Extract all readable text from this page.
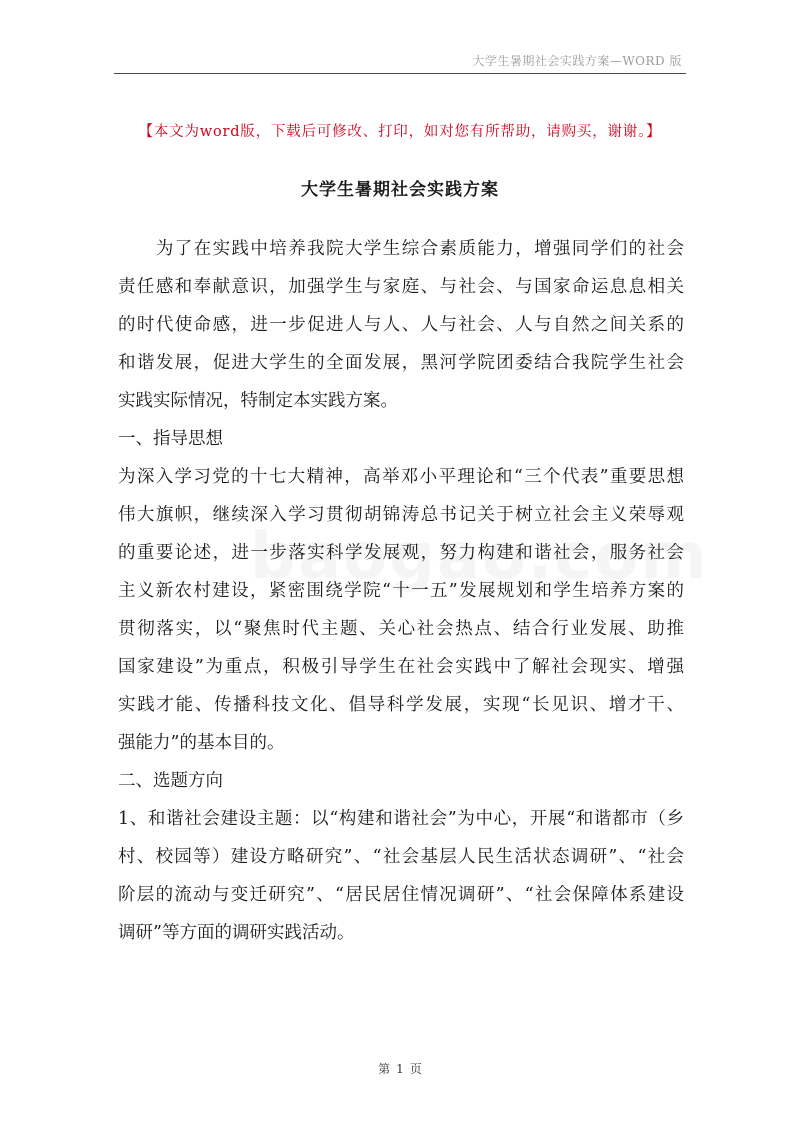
大学生暑期社会实践方案—WORD 版
【本文为word版，下载后可修改、打印，如对您有所帮助，请购买，谢谢。】
大学生暑期社会实践方案
　　为了在实践中培养我院大学生综合素质能力，增强同学们的社会
责任感和奉献意识，加强学生与家庭、与社会、与国家命运息息相关
的时代使命感，进一步促进人与人、人与社会、人与自然之间关系的
和谐发展，促进大学生的全面发展，黑河学院团委结合我院学生社会
实践实际情况，特制定本实践方案。
一、指导思想
为深入学习党的十七大精神，高举邓小平理论和“三个代表”重要思想
伟大旗帜，继续深入学习贯彻胡锦涛总书记关于树立社会主义荣辱观
的重要论述，进一步落实科学发展观，努力构建和谐社会，服务社会
主义新农村建设，紧密围绕学院“十一五”发展规划和学生培养方案的
贯彻落实，以“聚焦时代主题、关心社会热点、结合行业发展、助推
国家建设”为重点，积极引导学生在社会实践中了解社会现实、增强
实践才能、传播科技文化、倡导科学发展，实现“长见识、增才干、
强能力”的基本目的。
二、选题方向
1、和谐社会建设主题：以“构建和谐社会”为中心，开展“和谐都市（乡
村、校园等）建设方略研究”、“社会基层人民生活状态调研”、“社会
阶层的流动与变迁研究”、“居民居住情况调研”、“社会保障体系建设
调研”等方面的调研实践活动。
第 1 页
